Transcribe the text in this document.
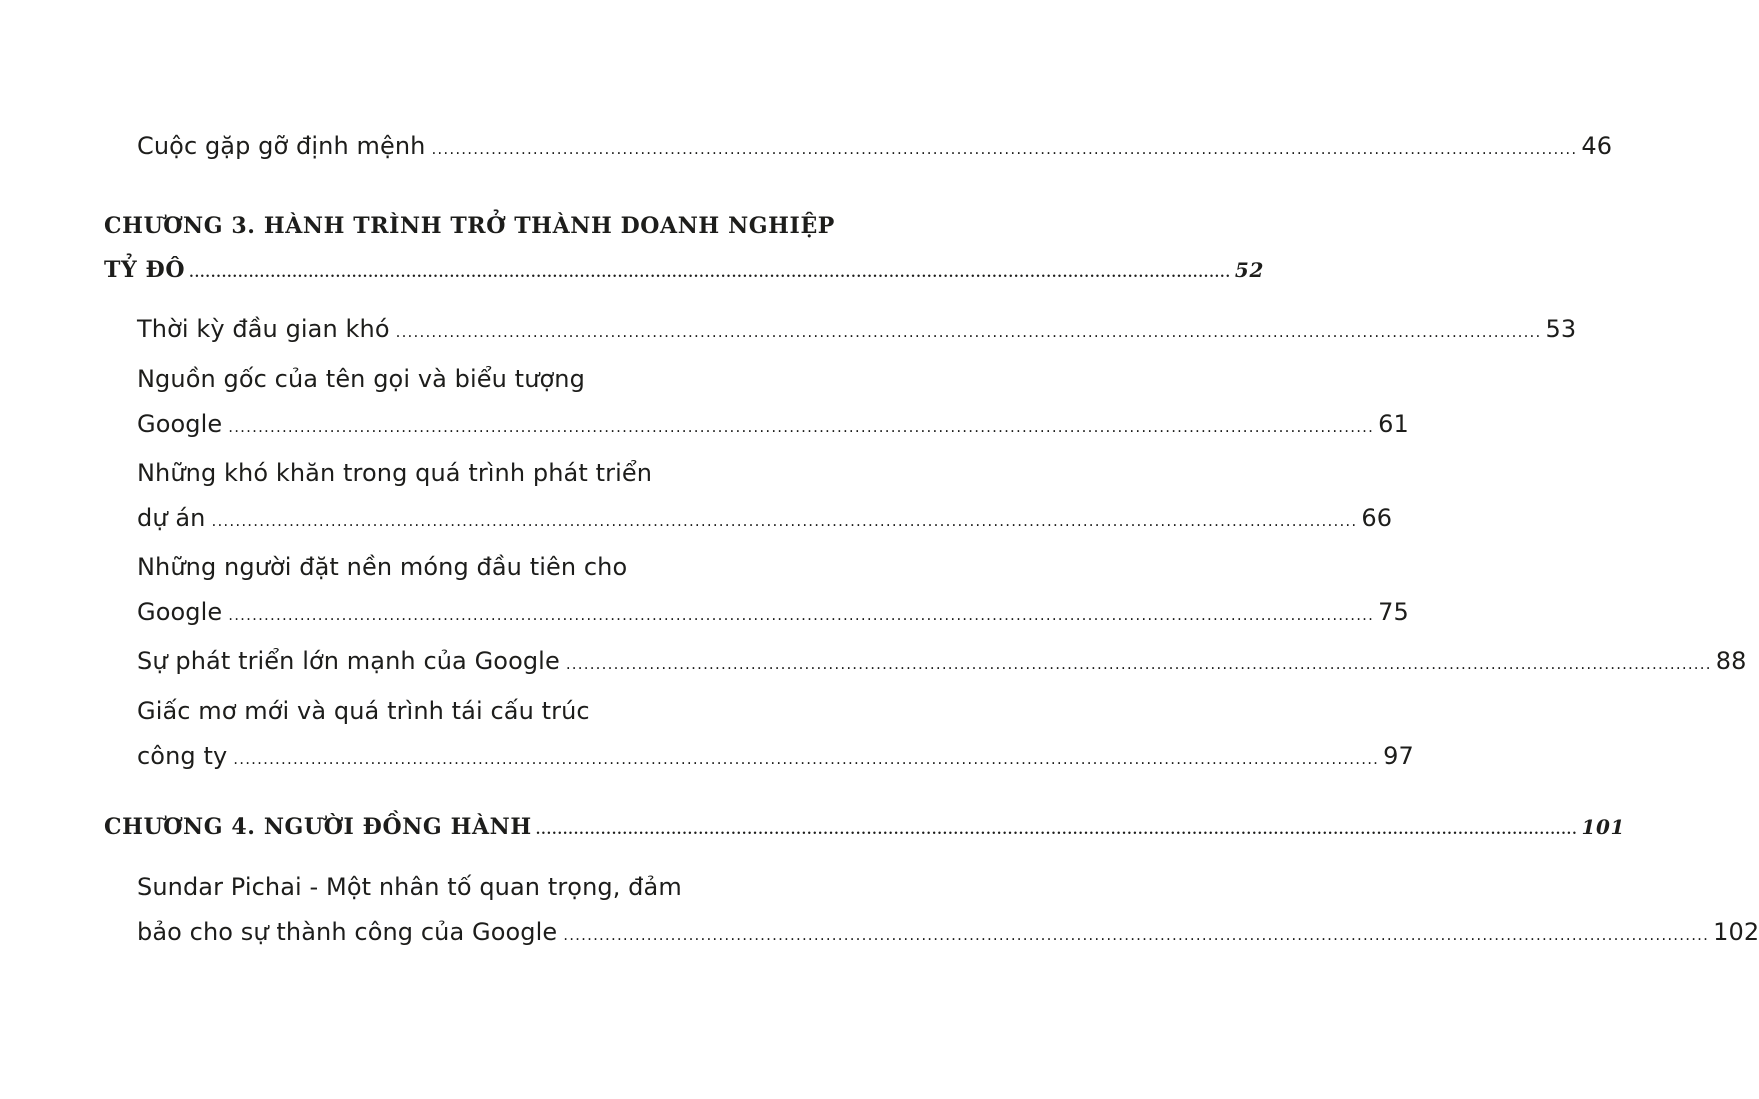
Cuộc gặp gỡ định mệnh .....	46
CHƯƠNG 3. HÀNH TRÌNH TRỞ THÀNH DOANH NGHIỆP
TỶ ĐÔ .....	52
Thời kỳ đầu gian khó .....	53
Nguồn gốc của tên gọi và biểu tượng
Google .....	61
Những khó khăn trong quá trình phát triển
dự án .....	66
Những người đặt nền móng đầu tiên cho
Google .....	75
Sự phát triển lớn mạnh của Google .....	88
Giấc mơ mới và quá trình tái cấu trúc
công ty .....	97
CHƯƠNG 4. NGƯỜI ĐỒNG HÀNH .....	101
Sundar Pichai - Một nhân tố quan trọng, đảm
bảo cho sự thành công của Google .....	102
